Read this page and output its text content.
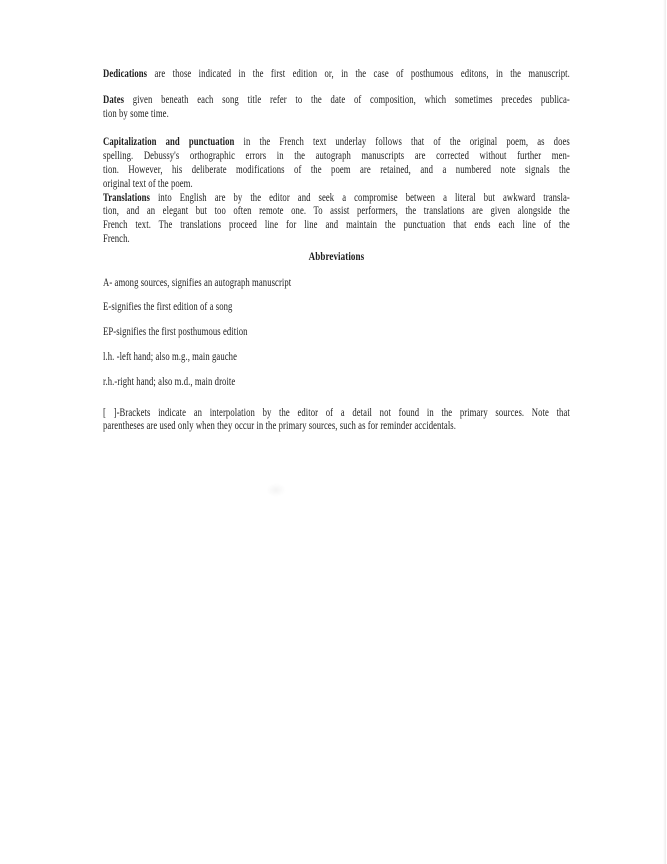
Dedications are those indicated in the first edition or, in the case of posthumous editons, in the manuscript.
Dates given beneath each song title refer to the date of composition, which sometimes precedes publica-
tion by some time.
Capitalization and punctuation in the French text underlay follows that of the original poem, as does
spelling. Debussy's orthographic errors in the autograph manuscripts are corrected without further men-
tion. However, his deliberate modifications of the poem are retained, and a numbered note signals the
original text of the poem.
Translations into English are by the editor and seek a compromise between a literal but awkward transla-
tion, and an elegant but too often remote one. To assist performers, the translations are given alongside the
French text. The translations proceed line for line and maintain the punctuation that ends each line of the
French.
Abbreviations
A- among sources, signifies an autograph manuscript
E-signifies the first edition of a song
EP-signifies the first posthumous edition
l.h. -left hand; also m.g., main gauche
r.h.-right hand; also m.d., main droite
[ ]-Brackets indicate an interpolation by the editor of a detail not found in the primary sources. Note that
parentheses are used only when they occur in the primary sources, such as for reminder accidentals.
